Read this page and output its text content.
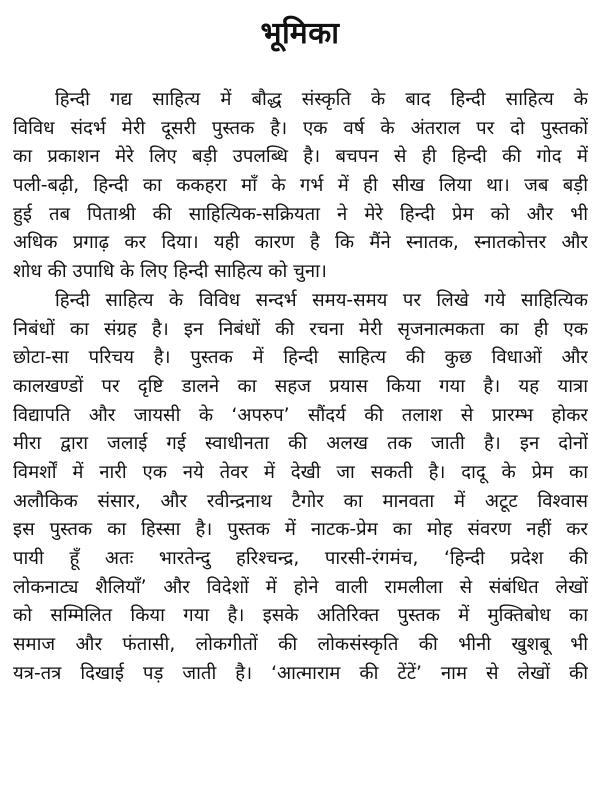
भूमिका
हिन्दी गद्य साहित्य में बौद्ध संस्कृति के बाद हिन्दी साहित्य के
विविध संदर्भ मेरी दूसरी पुस्तक है। एक वर्ष के अंतराल पर दो पुस्तकों
का प्रकाशन मेरे लिए बड़ी उपलब्धि है। बचपन से ही हिन्दी की गोद में
पली-बढ़ी, हिन्दी का ककहरा माँ के गर्भ में ही सीख लिया था। जब बड़ी
हुई तब पिताश्री की साहित्यिक-सक्रियता ने मेरे हिन्दी प्रेम को और भी
अधिक प्रगाढ़ कर दिया। यही कारण है कि मैंने स्नातक, स्नातकोत्तर और
शोध की उपाधि के लिए हिन्दी साहित्य को चुना।
हिन्दी साहित्य के विविध सन्दर्भ समय-समय पर लिखे गये साहित्यिक
निबंधों का संग्रह है। इन निबंधों की रचना मेरी सृजनात्मकता का ही एक
छोटा-सा परिचय है। पुस्तक में हिन्दी साहित्य की कुछ विधाओं और
कालखण्डों पर दृष्टि डालने का सहज प्रयास किया गया है। यह यात्रा
विद्यापति और जायसी के ‘अपरुप’ सौंदर्य की तलाश से प्रारम्भ होकर
मीरा द्वारा जलाई गई स्वाधीनता की अलख तक जाती है। इन दोनों
विमर्शों में नारी एक नये तेवर में देखी जा सकती है। दादू के प्रेम का
अलौकिक संसार, और रवीन्द्रनाथ टैगोर का मानवता में अटूट विश्वास
इस पुस्तक का हिस्सा है। पुस्तक में नाटक-प्रेम का मोह संवरण नहीं कर
पायी हूँ अतः भारतेन्दु हरिश्चन्द्र, पारसी-रंगमंच, ‘हिन्दी प्रदेश की
लोकनाट्य शैलियाँ’ और विदेशों में होने वाली रामलीला से संबंधित लेखों
को सम्मिलित किया गया है। इसके अतिरिक्त पुस्तक में मुक्तिबोध का
समाज और फंतासी, लोकगीतों की लोकसंस्कृति की भीनी खुशबू भी
यत्र-तत्र दिखाई पड़ जाती है। ‘आत्माराम की टेंटें’ नाम से लेखों की
